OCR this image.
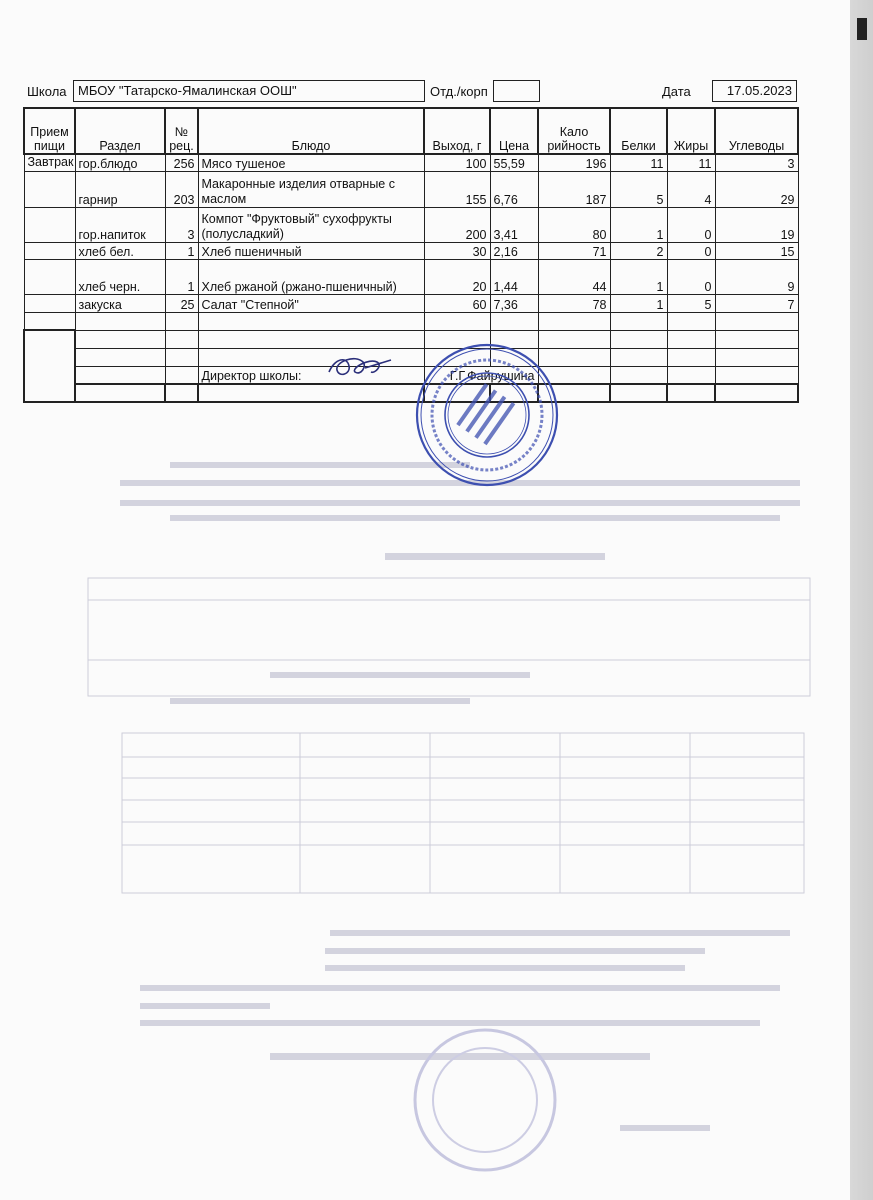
Школа МБОУ "Татарско-Ямалинская ООШ"	Отд./корп	Дата	17.05.2023
Прием пищи	Раздел	№ рец.	Блюдо	Выход, г	Цена	Кало рийность	Белки	Жиры	Углеводы
Завтрак	гор.блюдо	256	Мясо тушеное	100	55,59	196	11	11	3
	гарнир	203	Макаронные изделия отварные с маслом	155	6,76	187	5	4	29
	гор.напиток	3	Компот "Фруктовый" сухофрукты (полусладкий)	200	3,41	80	1	0	19
	хлеб бел.	1	Хлеб пшеничный	30	2,16	71	2	0	15
	хлеб черн.	1	Хлеб ржаной (ржано-пшеничный)	20	1,44	44	1	0	9
	закуска	25	Салат "Степной"	60	7,36	78	1	5	7

			Директор школы:	Г.Г.Файрушина					
